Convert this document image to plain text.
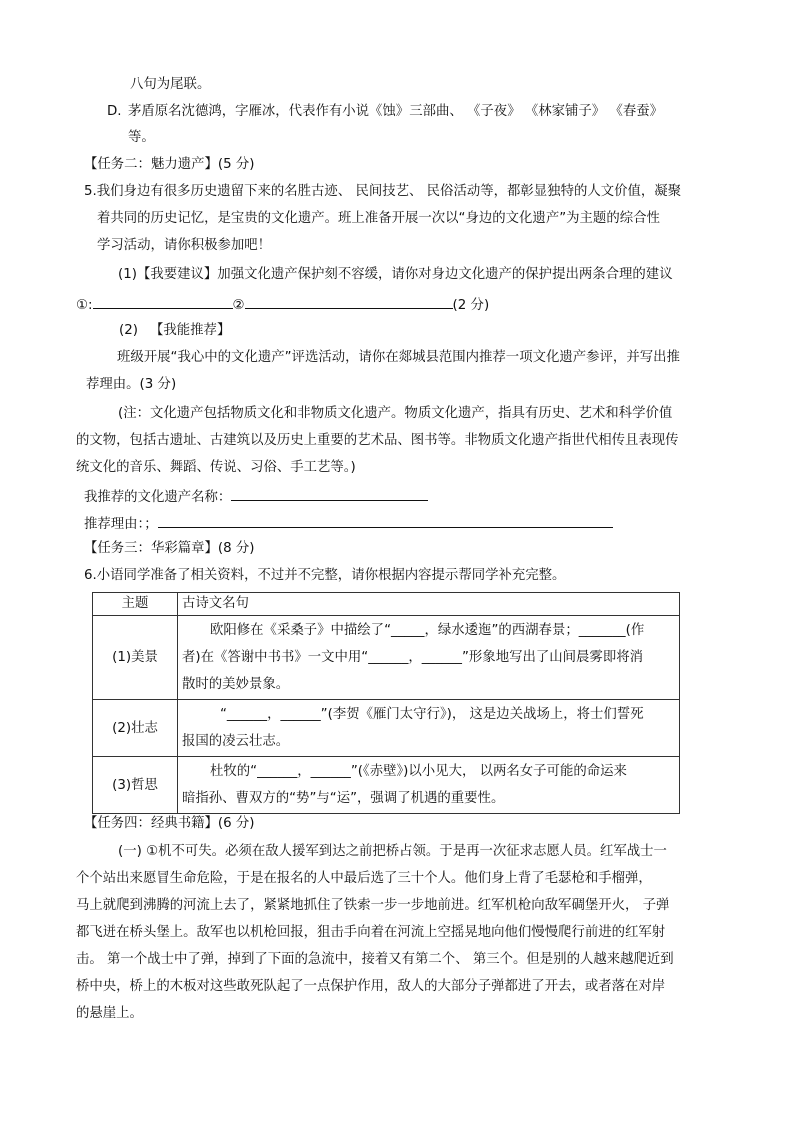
八句为尾联。
D. 茅盾原名沈德鸿，字雁冰，代表作有小说《蚀》三部曲、 《子夜》 《林家铺子》 《春蚕》
等。
【任务二：魅力遗产】(5 分)
5.我们身边有很多历史遗留下来的名胜古迹、 民间技艺、 民俗活动等，都彰显独特的人文价值，凝聚
着共同的历史记忆，是宝贵的文化遗产。班上准备开展一次以“身边的文化遗产”为主题的综合性
学习活动，请你积极参加吧！
(1)【我要建议】加强文化遗产保护刻不容缓，请你对身边文化遗产的保护提出两条合理的建议
①:	②	(2 分)
(2) 【我能推荐】
班级开展“我心中的文化遗产”评选活动，请你在郯城县范围内推荐一项文化遗产参评，并写出推
荐理由。(3 分)
(注：文化遗产包括物质文化和非物质文化遗产。物质文化遗产，指具有历史、艺术和科学价值
的文物，包括古遗址、古建筑以及历史上重要的艺术品、图书等。非物质文化遗产指世代相传且表现传
统文化的音乐、舞蹈、传说、习俗、手工艺等。)
我推荐的文化遗产名称：
推荐理由：；
【任务三：华彩篇章】(8 分)
6.小语同学准备了相关资料，不过并不完整，请你根据内容提示帮同学补充完整。
主题	古诗文名句
(1)美景	欧阳修在《采桑子》中描绘了“_____，绿水逶迤”的西湖春景；_______(作
者)在《答谢中书书》一文中用“______，______”形象地写出了山间晨雾即将消
散时的美妙景象。

(2)壮志	“______，______”(李贺《雁门太守行》)， 这是边关战场上，将士们誓死
报国的凌云壮志。

(3)哲思	杜牧的“______，______”(《赤壁》)以小见大， 以两名女子可能的命运来
暗指孙、曹双方的“势”与“运”，强调了机遇的重要性。
【任务四：经典书籍】(6 分)
(一) ①机不可失。必须在敌人援军到达之前把桥占领。于是再一次征求志愿人员。红军战士一
个个站出来愿冒生命危险，于是在报名的人中最后选了三十个人。他们身上背了毛瑟枪和手榴弹，
马上就爬到沸腾的河流上去了，紧紧地抓住了铁索一步一步地前进。红军机枪向敌军碉堡开火， 子弹
都飞迸在桥头堡上。敌军也以机枪回报，狙击手向着在河流上空摇晃地向他们慢慢爬行前进的红军射
击。 第一个战士中了弹，掉到了下面的急流中，接着又有第二个、 第三个。但是别的人越来越爬近到
桥中央，桥上的木板对这些敢死队起了一点保护作用，敌人的大部分子弹都进了开去，或者落在对岸
的悬崖上。
